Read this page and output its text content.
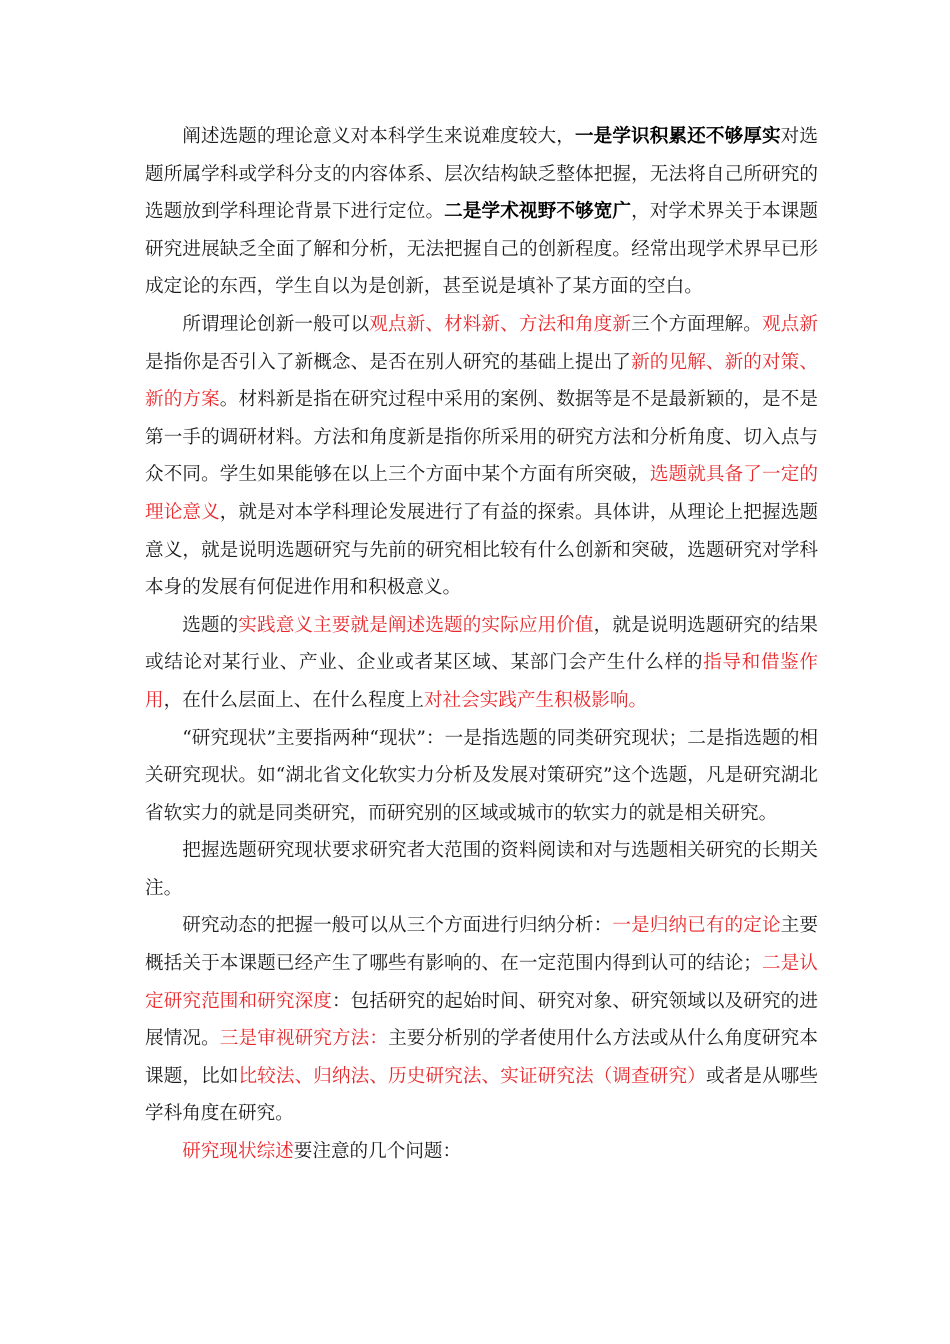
阐述选题的理论意义对本科学生来说难度较大，一是学识积累还不够厚实对选题所属学科或学科分支的内容体系、层次结构缺乏整体把握，无法将自己所研究的选题放到学科理论背景下进行定位。二是学术视野不够宽广，对学术界关于本课题研究进展缺乏全面了解和分析，无法把握自己的创新程度。经常出现学术界早已形成定论的东西，学生自以为是创新，甚至说是填补了某方面的空白。

所谓理论创新一般可以观点新、材料新、方法和角度新三个方面理解。观点新是指你是否引入了新概念、是否在别人研究的基础上提出了新的见解、新的对策、新的方案。材料新是指在研究过程中采用的案例、数据等是不是最新颖的，是不是第一手的调研材料。方法和角度新是指你所采用的研究方法和分析角度、切入点与众不同。学生如果能够在以上三个方面中某个方面有所突破，选题就具备了一定的理论意义，就是对本学科理论发展进行了有益的探索。具体讲，从理论上把握选题意义，就是说明选题研究与先前的研究相比较有什么创新和突破，选题研究对学科本身的发展有何促进作用和积极意义。

选题的实践意义主要就是阐述选题的实际应用价值，就是说明选题研究的结果或结论对某行业、产业、企业或者某区域、某部门会产生什么样的指导和借鉴作用，在什么层面上、在什么程度上对社会实践产生积极影响。

“研究现状”主要指两种“现状”：一是指选题的同类研究现状；二是指选题的相关研究现状。如“湖北省文化软实力分析及发展对策研究”这个选题，凡是研究湖北省软实力的就是同类研究，而研究别的区域或城市的软实力的就是相关研究。

把握选题研究现状要求研究者大范围的资料阅读和对与选题相关研究的长期关注。

研究动态的把握一般可以从三个方面进行归纳分析：一是归纳已有的定论主要概括关于本课题已经产生了哪些有影响的、在一定范围内得到认可的结论；二是认定研究范围和研究深度：包括研究的起始时间、研究对象、研究领域以及研究的进展情况。三是审视研究方法：主要分析别的学者使用什么方法或从什么角度研究本课题，比如比较法、归纳法、历史研究法、实证研究法（调查研究）或者是从哪些学科角度在研究。

研究现状综述要注意的几个问题：
